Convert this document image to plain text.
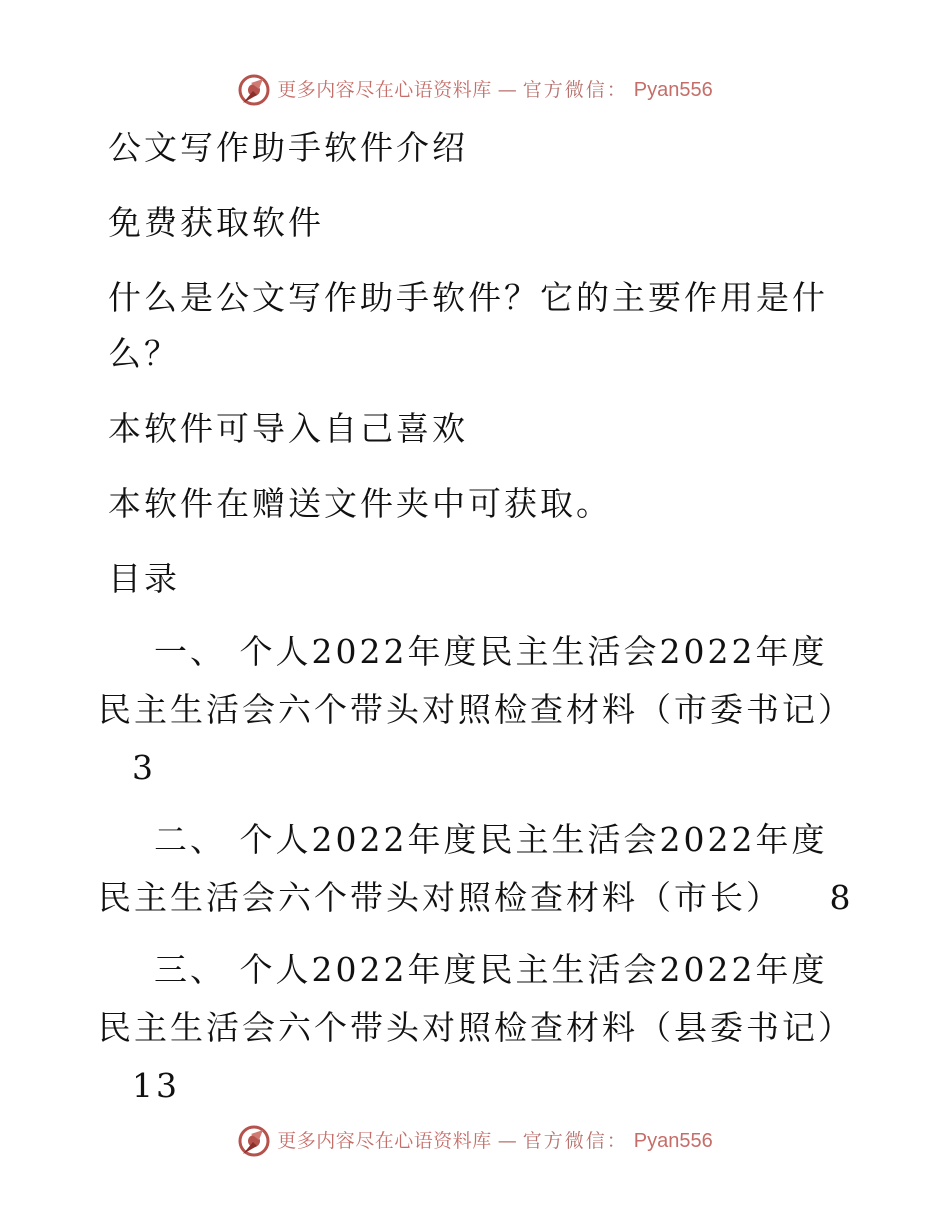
更多内容尽在心语资料库 — 官方微信： Pyan556

公文写作助手软件介绍

免费获取软件

什么是公文写作助手软件？它的主要作用是什么？

本软件可导入自己喜欢

本软件在赠送文件夹中可获取。

目录

一、 个人2022年度民主生活会2022年度民主生活会六个带头对照检查材料（市委书记） 3
二、 个人2022年度民主生活会2022年度民主生活会六个带头对照检查材料（市长） 8
三、 个人2022年度民主生活会2022年度民主生活会六个带头对照检查材料（县委书记） 13
更多内容尽在心语资料库 — 官方微信： Pyan556
